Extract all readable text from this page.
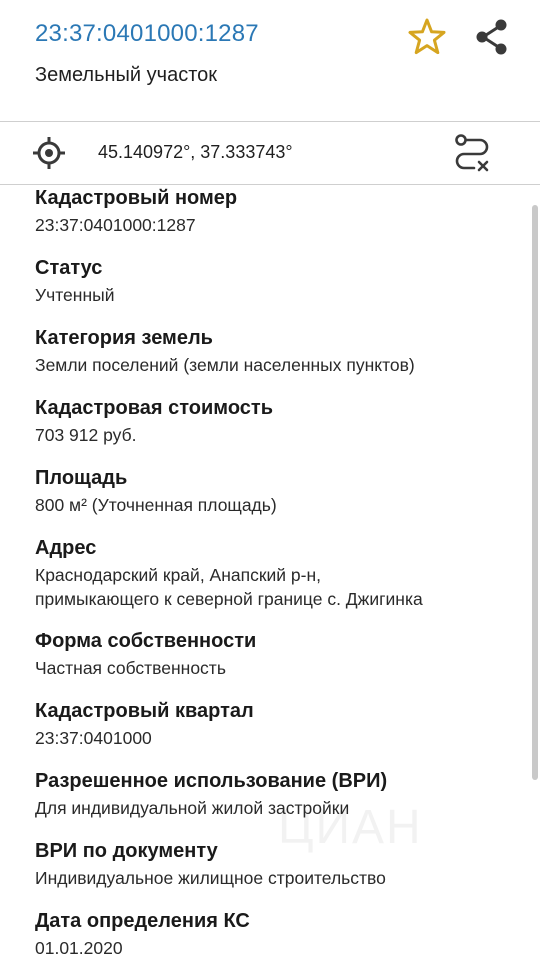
23:37:0401000:1287
Земельный участок
45.140972°, 37.333743°
Кадастровый номер
23:37:0401000:1287
Статус
Учтенный
Категория земель
Земли поселений (земли населенных пунктов)
Кадастровая стоимость
703 912 руб.
Площадь
800 м² (Уточненная площадь)
Адрес
Краснодарский край, Анапский р-н,
примыкающего к северной границе с. Джигинка
Форма собственности
Частная собственность
Кадастровый квартал
23:37:0401000
Разрешенное использование (ВРИ)
Для индивидуальной жилой застройки
ВРИ по документу
Индивидуальное жилищное строительство
Дата определения КС
01.01.2020
ЦИАН
